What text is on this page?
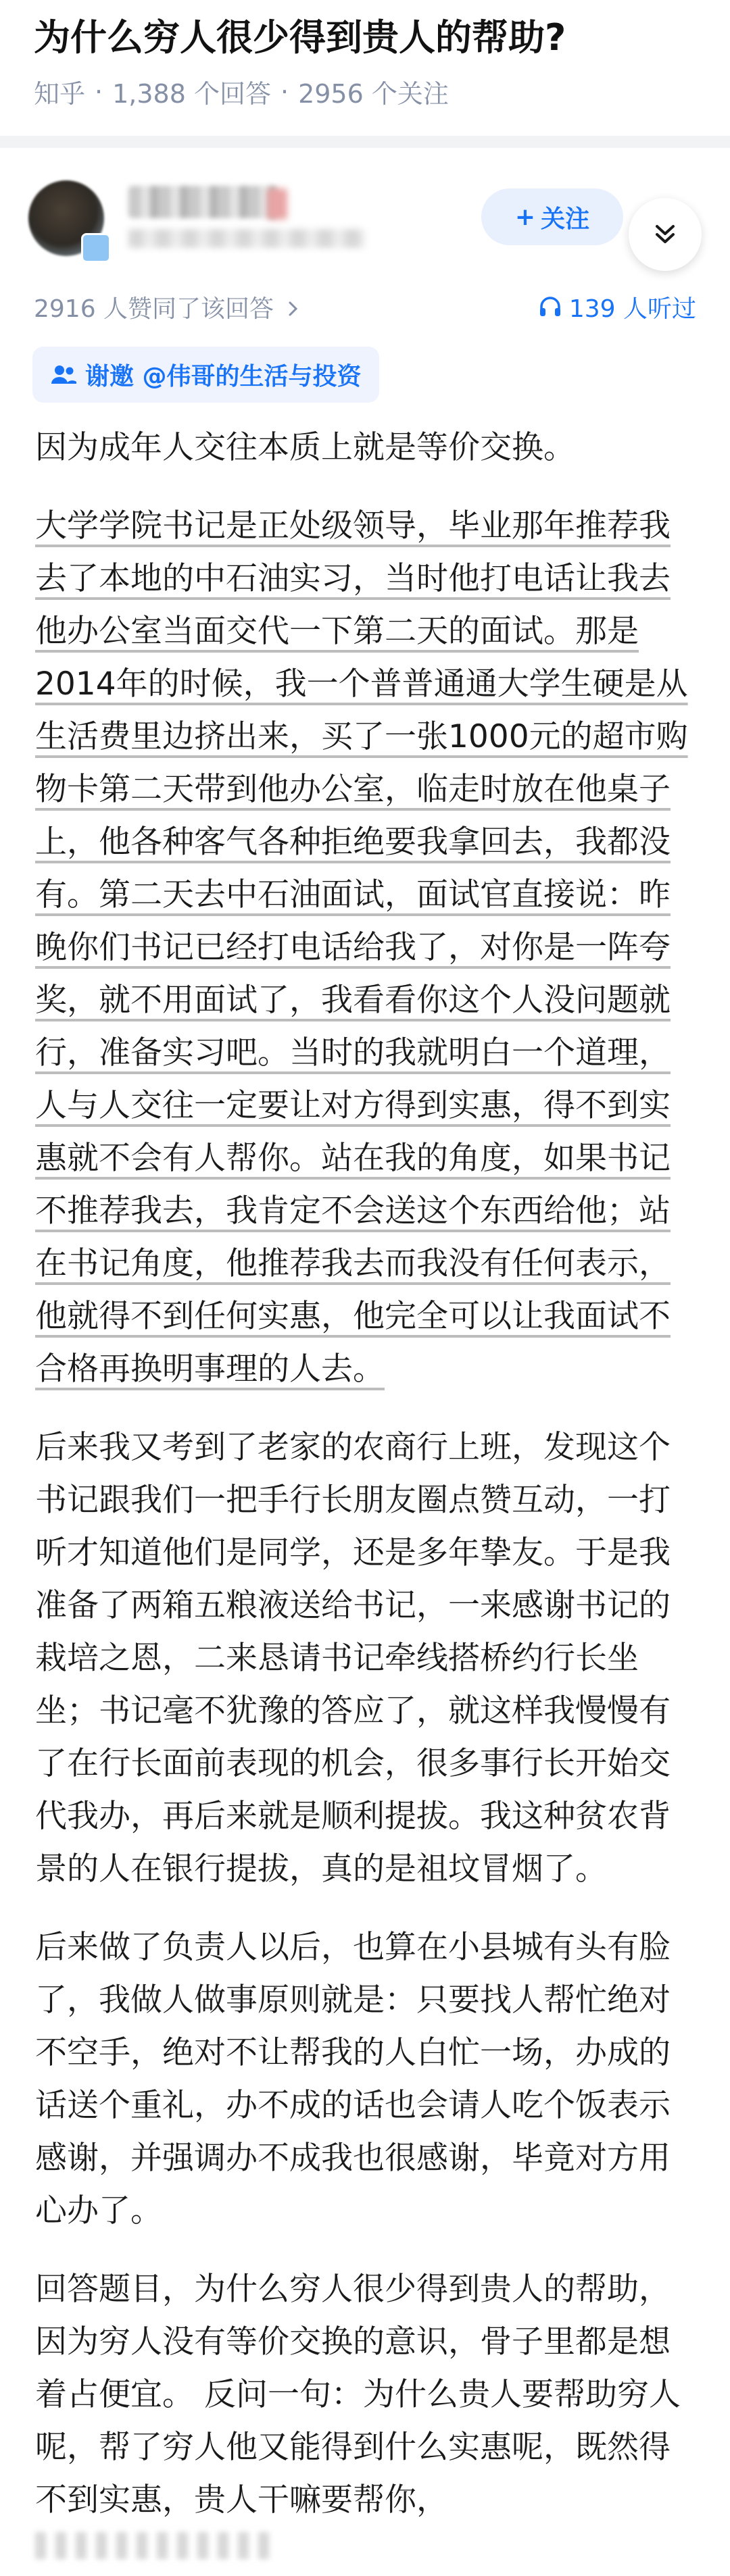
为什么穷人很少得到贵人的帮助?
知乎 · 1,388 个回答 · 2956 个关注
+ 关注
2916 人赞同了该回答	139 人听过
谢邀 @伟哥的生活与投资

因为成年人交往本质上就是等价交换。

大学学院书记是正处级领导，毕业那年推荐我去了本地的中石油实习，当时他打电话让我去他办公室当面交代一下第二天的面试。那是2014年的时候，我一个普普通通大学生硬是从生活费里边挤出来，买了一张1000元的超市购物卡第二天带到他办公室，临走时放在他桌子上，他各种客气各种拒绝要我拿回去，我都没有。第二天去中石油面试，面试官直接说：昨晚你们书记已经打电话给我了，对你是一阵夸奖，就不用面试了，我看看你这个人没问题就行，准备实习吧。当时的我就明白一个道理，人与人交往一定要让对方得到实惠，得不到实惠就不会有人帮你。站在我的角度，如果书记不推荐我去，我肯定不会送这个东西给他；站在书记角度，他推荐我去而我没有任何表示，他就得不到任何实惠，他完全可以让我面试不合格再换明事理的人去。

后来我又考到了老家的农商行上班，发现这个书记跟我们一把手行长朋友圈点赞互动，一打听才知道他们是同学，还是多年挚友。于是我准备了两箱五粮液送给书记，一来感谢书记的栽培之恩，二来恳请书记牵线搭桥约行长坐坐；书记毫不犹豫的答应了，就这样我慢慢有了在行长面前表现的机会，很多事行长开始交代我办，再后来就是顺利提拔。我这种贫农背景的人在银行提拔，真的是祖坟冒烟了。

后来做了负责人以后，也算在小县城有头有脸了，我做人做事原则就是：只要找人帮忙绝对不空手，绝对不让帮我的人白忙一场，办成的话送个重礼，办不成的话也会请人吃个饭表示感谢，并强调办不成我也很感谢，毕竟对方用心办了。

回答题目，为什么穷人很少得到贵人的帮助，因为穷人没有等价交换的意识，骨子里都是想着占便宜。 反问一句：为什么贵人要帮助穷人呢，帮了穷人他又能得到什么实惠呢，既然得不到实惠，贵人干嘛要帮你，
